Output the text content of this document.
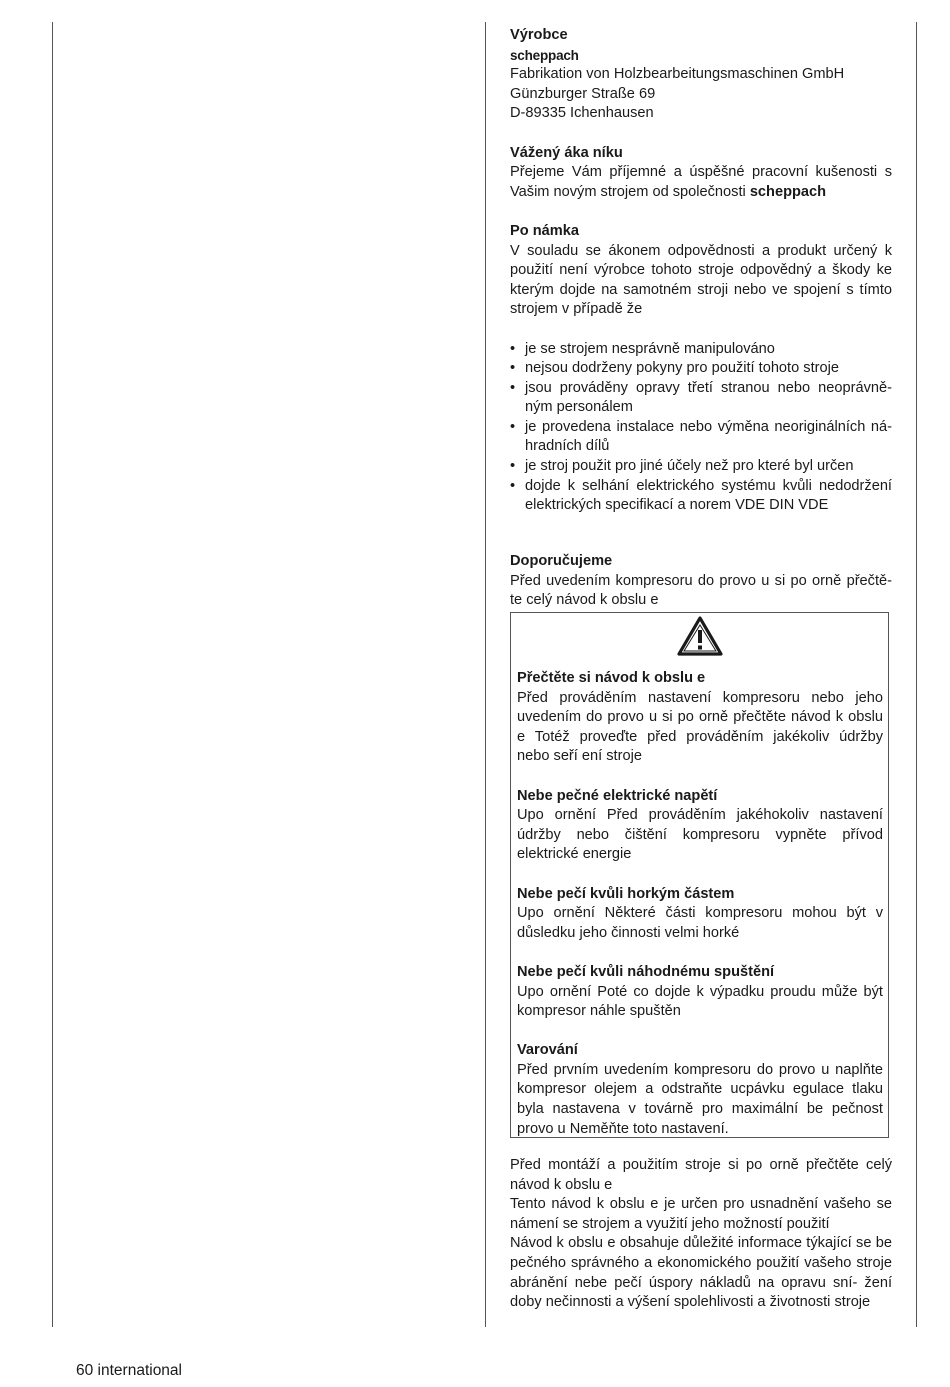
Výrobce

scheppach

Fabrikation von Holzbearbeitungsmaschinen GmbH

Günzburger Straße 69

D-89335 Ichenhausen

Vážený áka níku

Přejeme Vám příjemné a úspěšné pracovní kušenosti s Vašim novým strojem od společnosti scheppach

Po námka

V souladu se ákonem odpovědnosti a produkt určený k použití není výrobce tohoto stroje odpovědný a škody ke kterým dojde na samotném stroji nebo ve spojení s tímto strojem v případě že

• je se strojem nesprávně manipulováno
• nejsou dodrženy pokyny pro použití tohoto stroje
• jsou prováděny opravy třetí stranou nebo neoprávně- ným personálem
• je provedena instalace nebo výměna neoriginálních ná- hradních dílů
• je stroj použit pro jiné účely než pro které byl určen
• dojde k selhání elektrického systému kvůli nedodržení elektrických specifikací a norem VDE DIN VDE

Doporučujeme

Před uvedením kompresoru do provo u si po orně přečtě- te celý návod k obslu e

Přečtěte si návod k obslu e

Před prováděním nastavení kompresoru nebo jeho uvedením do provo u si po orně přečtěte návod k obslu e Totéž proveďte před prováděním jakékoliv údržby nebo seří ení stroje

Nebe pečné elektrické napětí

Upo ornění Před prováděním jakéhokoliv nastavení údržby nebo čištění kompresoru vypněte přívod elektrické energie

Nebe pečí kvůli horkým částem

Upo ornění Některé části kompresoru mohou být v důsledku jeho činnosti velmi horké

Nebe pečí kvůli náhodnému spuštění

Upo ornění Poté co dojde k výpadku proudu může být kompresor náhle spuštěn

Varování

Před prvním uvedením kompresoru do provo u naplňte kompresor olejem a odstraňte ucpávku egulace tlaku byla nastavena v továrně pro maximální be pečnost provo u Neměňte toto nastavení.

Před montáží a použitím stroje si po orně přečtěte celý návod k obslu e

Tento návod k obslu e je určen pro usnadnění vašeho se námení se strojem a využití jeho možností použití

Návod k obslu e obsahuje důležité informace týkající se be pečného správného a ekonomického použití vašeho stroje abránění nebe pečí úspory nákladů na opravu sní- žení doby nečinnosti a výšení spolehlivosti a životnosti stroje

60 international
